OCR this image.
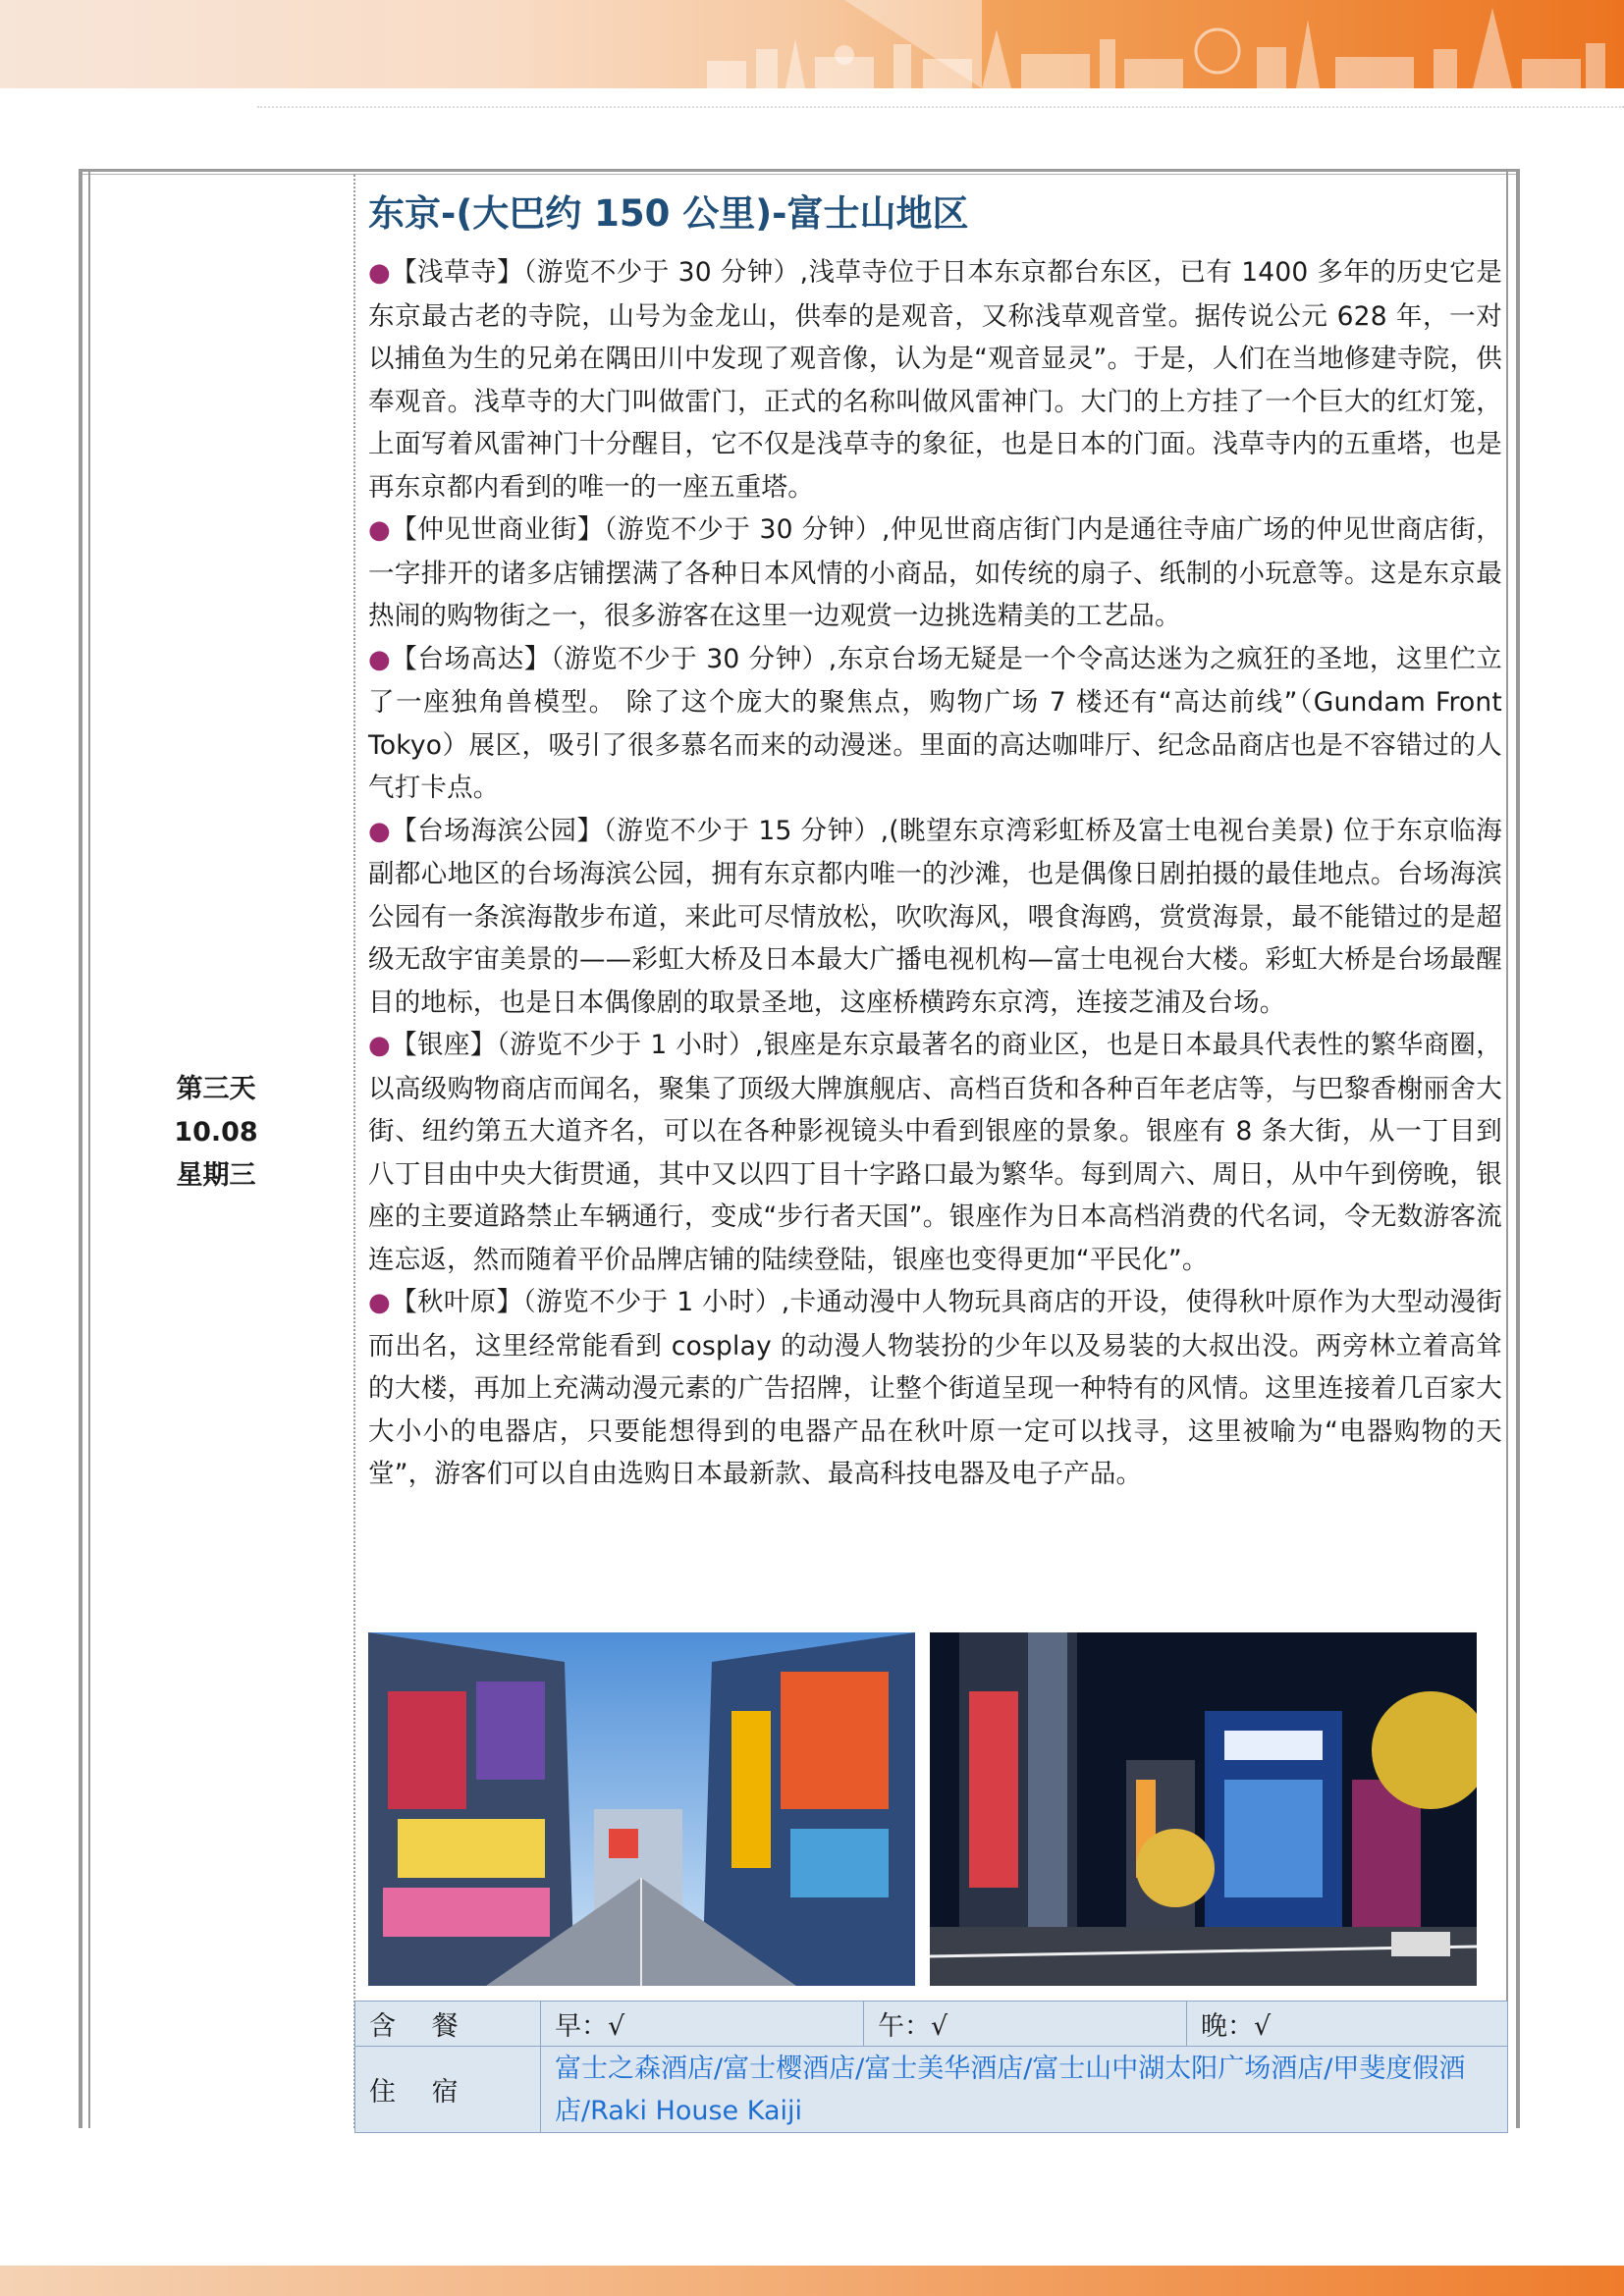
第三天
10.08
星期三
东京-(大巴约 150 公里)-富士山地区

●【浅草寺】（游览不少于 30 分钟）,浅草寺位于日本东京都台东区，已有 1400 多年的历史它是东京最古老的寺院，山号为金龙山，供奉的是观音，又称浅草观音堂。据传说公元 628 年，一对以捕鱼为生的兄弟在隅田川中发现了观音像，认为是“观音显灵”。于是，人们在当地修建寺院，供奉观音。浅草寺的大门叫做雷门，正式的名称叫做风雷神门。大门的上方挂了一个巨大的红灯笼，上面写着风雷神门十分醒目，它不仅是浅草寺的象征，也是日本的门面。浅草寺内的五重塔，也是再东京都内看到的唯一的一座五重塔。

●【仲见世商业街】（游览不少于 30 分钟）,仲见世商店街门内是通往寺庙广场的仲见世商店街，一字排开的诸多店铺摆满了各种日本风情的小商品，如传统的扇子、纸制的小玩意等。这是东京最热闹的购物街之一，很多游客在这里一边观赏一边挑选精美的工艺品。

●【台场高达】（游览不少于 30 分钟）,东京台场无疑是一个令高达迷为之疯狂的圣地，这里伫立了一座独角兽模型。 除了这个庞大的聚焦点，购物广场 7 楼还有“高达前线”（Gundam Front Tokyo）展区，吸引了很多慕名而来的动漫迷。里面的高达咖啡厅、纪念品商店也是不容错过的人气打卡点。

●【台场海滨公园】（游览不少于 15 分钟）,(眺望东京湾彩虹桥及富士电视台美景) 位于东京临海副都心地区的台场海滨公园，拥有东京都内唯一的沙滩，也是偶像日剧拍摄的最佳地点。台场海滨公园有一条滨海散步布道，来此可尽情放松，吹吹海风，喂食海鸥，赏赏海景，最不能错过的是超级无敌宇宙美景的——彩虹大桥及日本最大广播电视机构—富士电视台大楼。彩虹大桥是台场最醒目的地标，也是日本偶像剧的取景圣地，这座桥横跨东京湾，连接芝浦及台场。

●【银座】（游览不少于 1 小时）,银座是东京最著名的商业区，也是日本最具代表性的繁华商圈，以高级购物商店而闻名，聚集了顶级大牌旗舰店、高档百货和各种百年老店等，与巴黎香榭丽舍大街、纽约第五大道齐名，可以在各种影视镜头中看到银座的景象。银座有 8 条大街，从一丁目到八丁目由中央大街贯通，其中又以四丁目十字路口最为繁华。每到周六、周日，从中午到傍晚，银座的主要道路禁止车辆通行，变成“步行者天国”。银座作为日本高档消费的代名词，令无数游客流连忘返，然而随着平价品牌店铺的陆续登陆，银座也变得更加“平民化”。

●【秋叶原】（游览不少于 1 小时）,卡通动漫中人物玩具商店的开设，使得秋叶原作为大型动漫街而出名，这里经常能看到 cosplay 的动漫人物装扮的少年以及易装的大叔出没。两旁林立着高耸的大楼，再加上充满动漫元素的广告招牌，让整个街道呈现一种特有的风情。这里连接着几百家大大小小的电器店，只要能想得到的电器产品在秋叶原一定可以找寻，这里被喻为“电器购物的天堂”，游客们可以自由选购日本最新款、最高科技电器及电子产品。

含 餐	早：√	午：√	晚：√
住 宿	富士之森酒店/富士樱酒店/富士美华酒店/富士山中湖太阳广场酒店/甲斐度假酒店/Raki House Kaiji		
